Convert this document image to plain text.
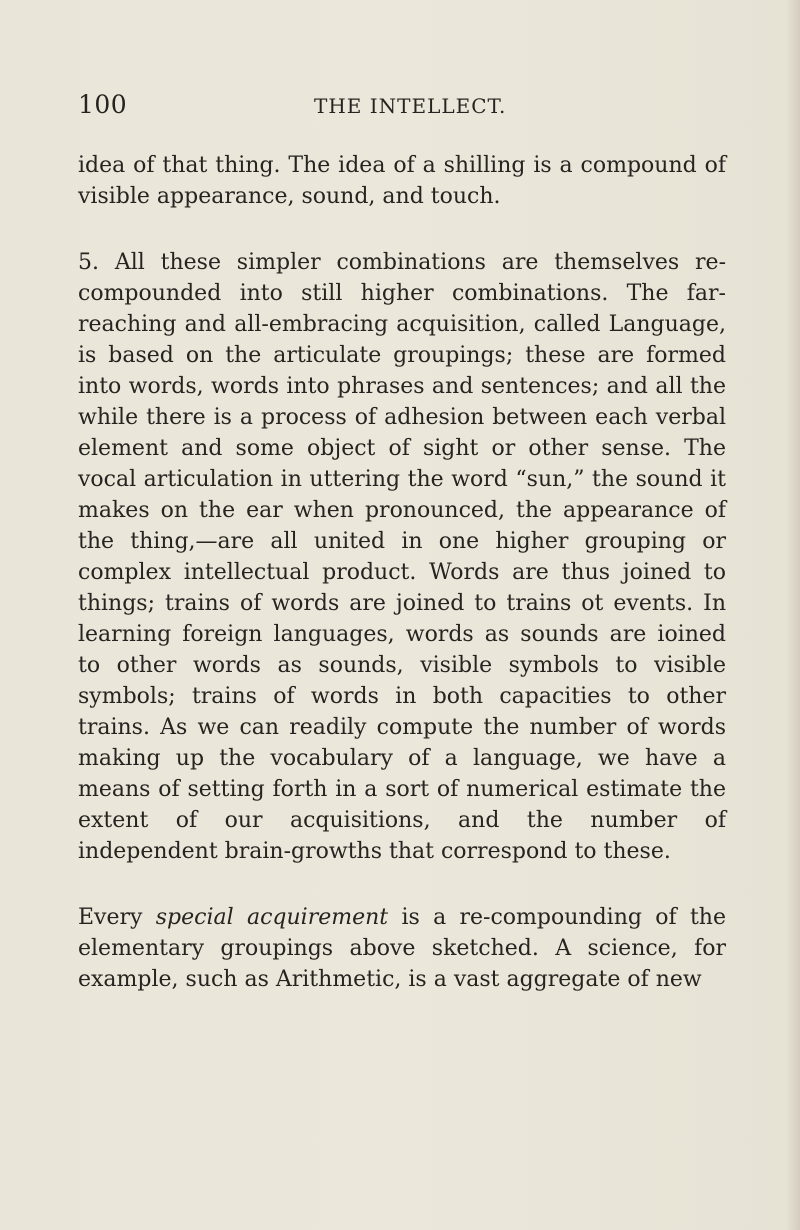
100	THE INTELLECT.

idea of that thing. The idea of a shilling is a compound of visible appearance, sound, and touch.

5. All these simpler combinations are themselves re-compounded into still higher combinations. The far-reaching and all-embracing acquisition, called Language, is based on the articulate groupings; these are formed into words, words into phrases and sentences; and all the while there is a process of adhesion between each verbal element and some object of sight or other sense. The vocal articulation in uttering the word “sun,” the sound it makes on the ear when pronounced, the appearance of the thing,—are all united in one higher grouping or complex intellectual product. Words are thus joined to things; trains of words are joined to trains ot events. In learning foreign languages, words as sounds are ioined to other words as sounds, visible symbols to visible symbols; trains of words in both capacities to other trains. As we can readily compute the number of words making up the vocabulary of a language, we have a means of setting forth in a sort of numerical estimate the extent of our acquisitions, and the number of independent brain-growths that correspond to these.

Every special acquirement is a re-compounding of the elementary groupings above sketched. A science, for example, such as Arithmetic, is a vast aggregate of new
